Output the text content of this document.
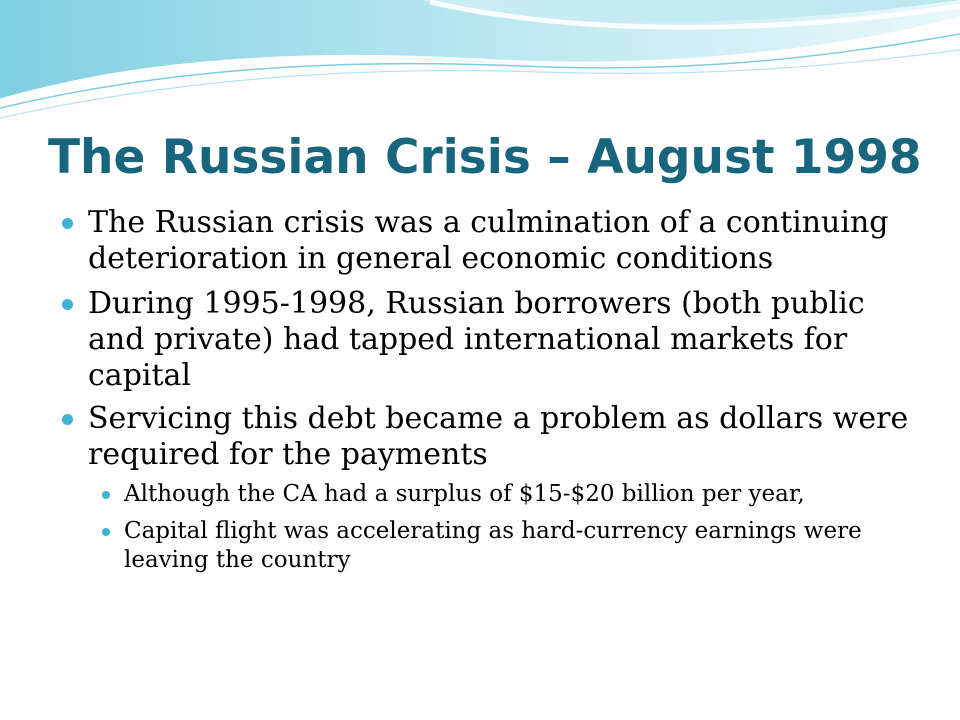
The Russian Crisis – August 1998
The Russian crisis was a culmination of a continuing deterioration in general economic conditions
During 1995-1998, Russian borrowers (both public and private) had tapped international markets for capital
Servicing this debt became a problem as dollars were required for the payments
Although the CA had a surplus of $15-$20 billion per year,
Capital flight was accelerating as hard-currency earnings were leaving the country
